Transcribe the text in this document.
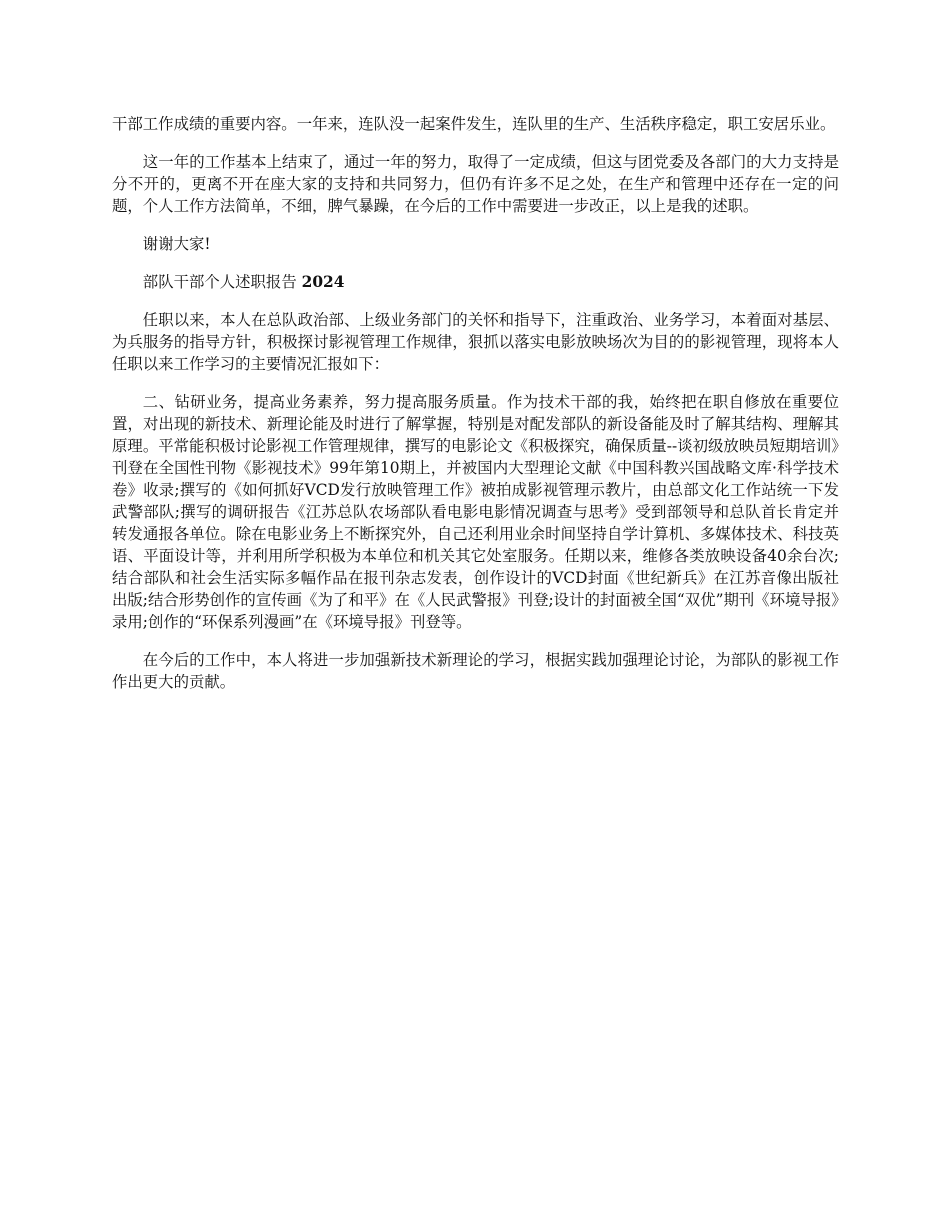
干部工作成绩的重要内容。一年来，连队没一起案件发生，连队里的生产、生活秩序稳定，职工安居乐业。

这一年的工作基本上结束了，通过一年的努力，取得了一定成绩，但这与团党委及各部门的大力支持是分不开的，更离不开在座大家的支持和共同努力，但仍有许多不足之处，在生产和管理中还存在一定的问题，个人工作方法简单，不细，脾气暴躁，在今后的工作中需要进一步改正，以上是我的述职。

谢谢大家!

部队干部个人述职报告 2024

任职以来，本人在总队政治部、上级业务部门的关怀和指导下，注重政治、业务学习，本着面对基层、为兵服务的指导方针，积极探讨影视管理工作规律，狠抓以落实电影放映场次为目的的影视管理，现将本人任职以来工作学习的主要情况汇报如下：

二、钻研业务，提高业务素养，努力提高服务质量。作为技术干部的我，始终把在职自修放在重要位置，对出现的新技术、新理论能及时进行了解掌握，特别是对配发部队的新设备能及时了解其结构、理解其原理。平常能积极讨论影视工作管理规律，撰写的电影论文《积极探究，确保质量--谈初级放映员短期培训》刊登在全国性刊物《影视技术》99年第10期上，并被国内大型理论文献《中国科教兴国战略文库·科学技术卷》收录;撰写的《如何抓好VCD发行放映管理工作》被拍成影视管理示教片，由总部文化工作站统一下发武警部队;撰写的调研报告《江苏总队农场部队看电影电影情况调查与思考》受到部领导和总队首长肯定并转发通报各单位。除在电影业务上不断探究外，自己还利用业余时间坚持自学计算机、多媒体技术、科技英语、平面设计等，并利用所学积极为本单位和机关其它处室服务。任期以来，维修各类放映设备40余台次;结合部队和社会生活实际多幅作品在报刊杂志发表，创作设计的VCD封面《世纪新兵》在江苏音像出版社出版;结合形势创作的宣传画《为了和平》在《人民武警报》刊登;设计的封面被全国“双优”期刊《环境导报》录用;创作的“环保系列漫画”在《环境导报》刊登等。

在今后的工作中，本人将进一步加强新技术新理论的学习，根据实践加强理论讨论，为部队的影视工作作出更大的贡献。
